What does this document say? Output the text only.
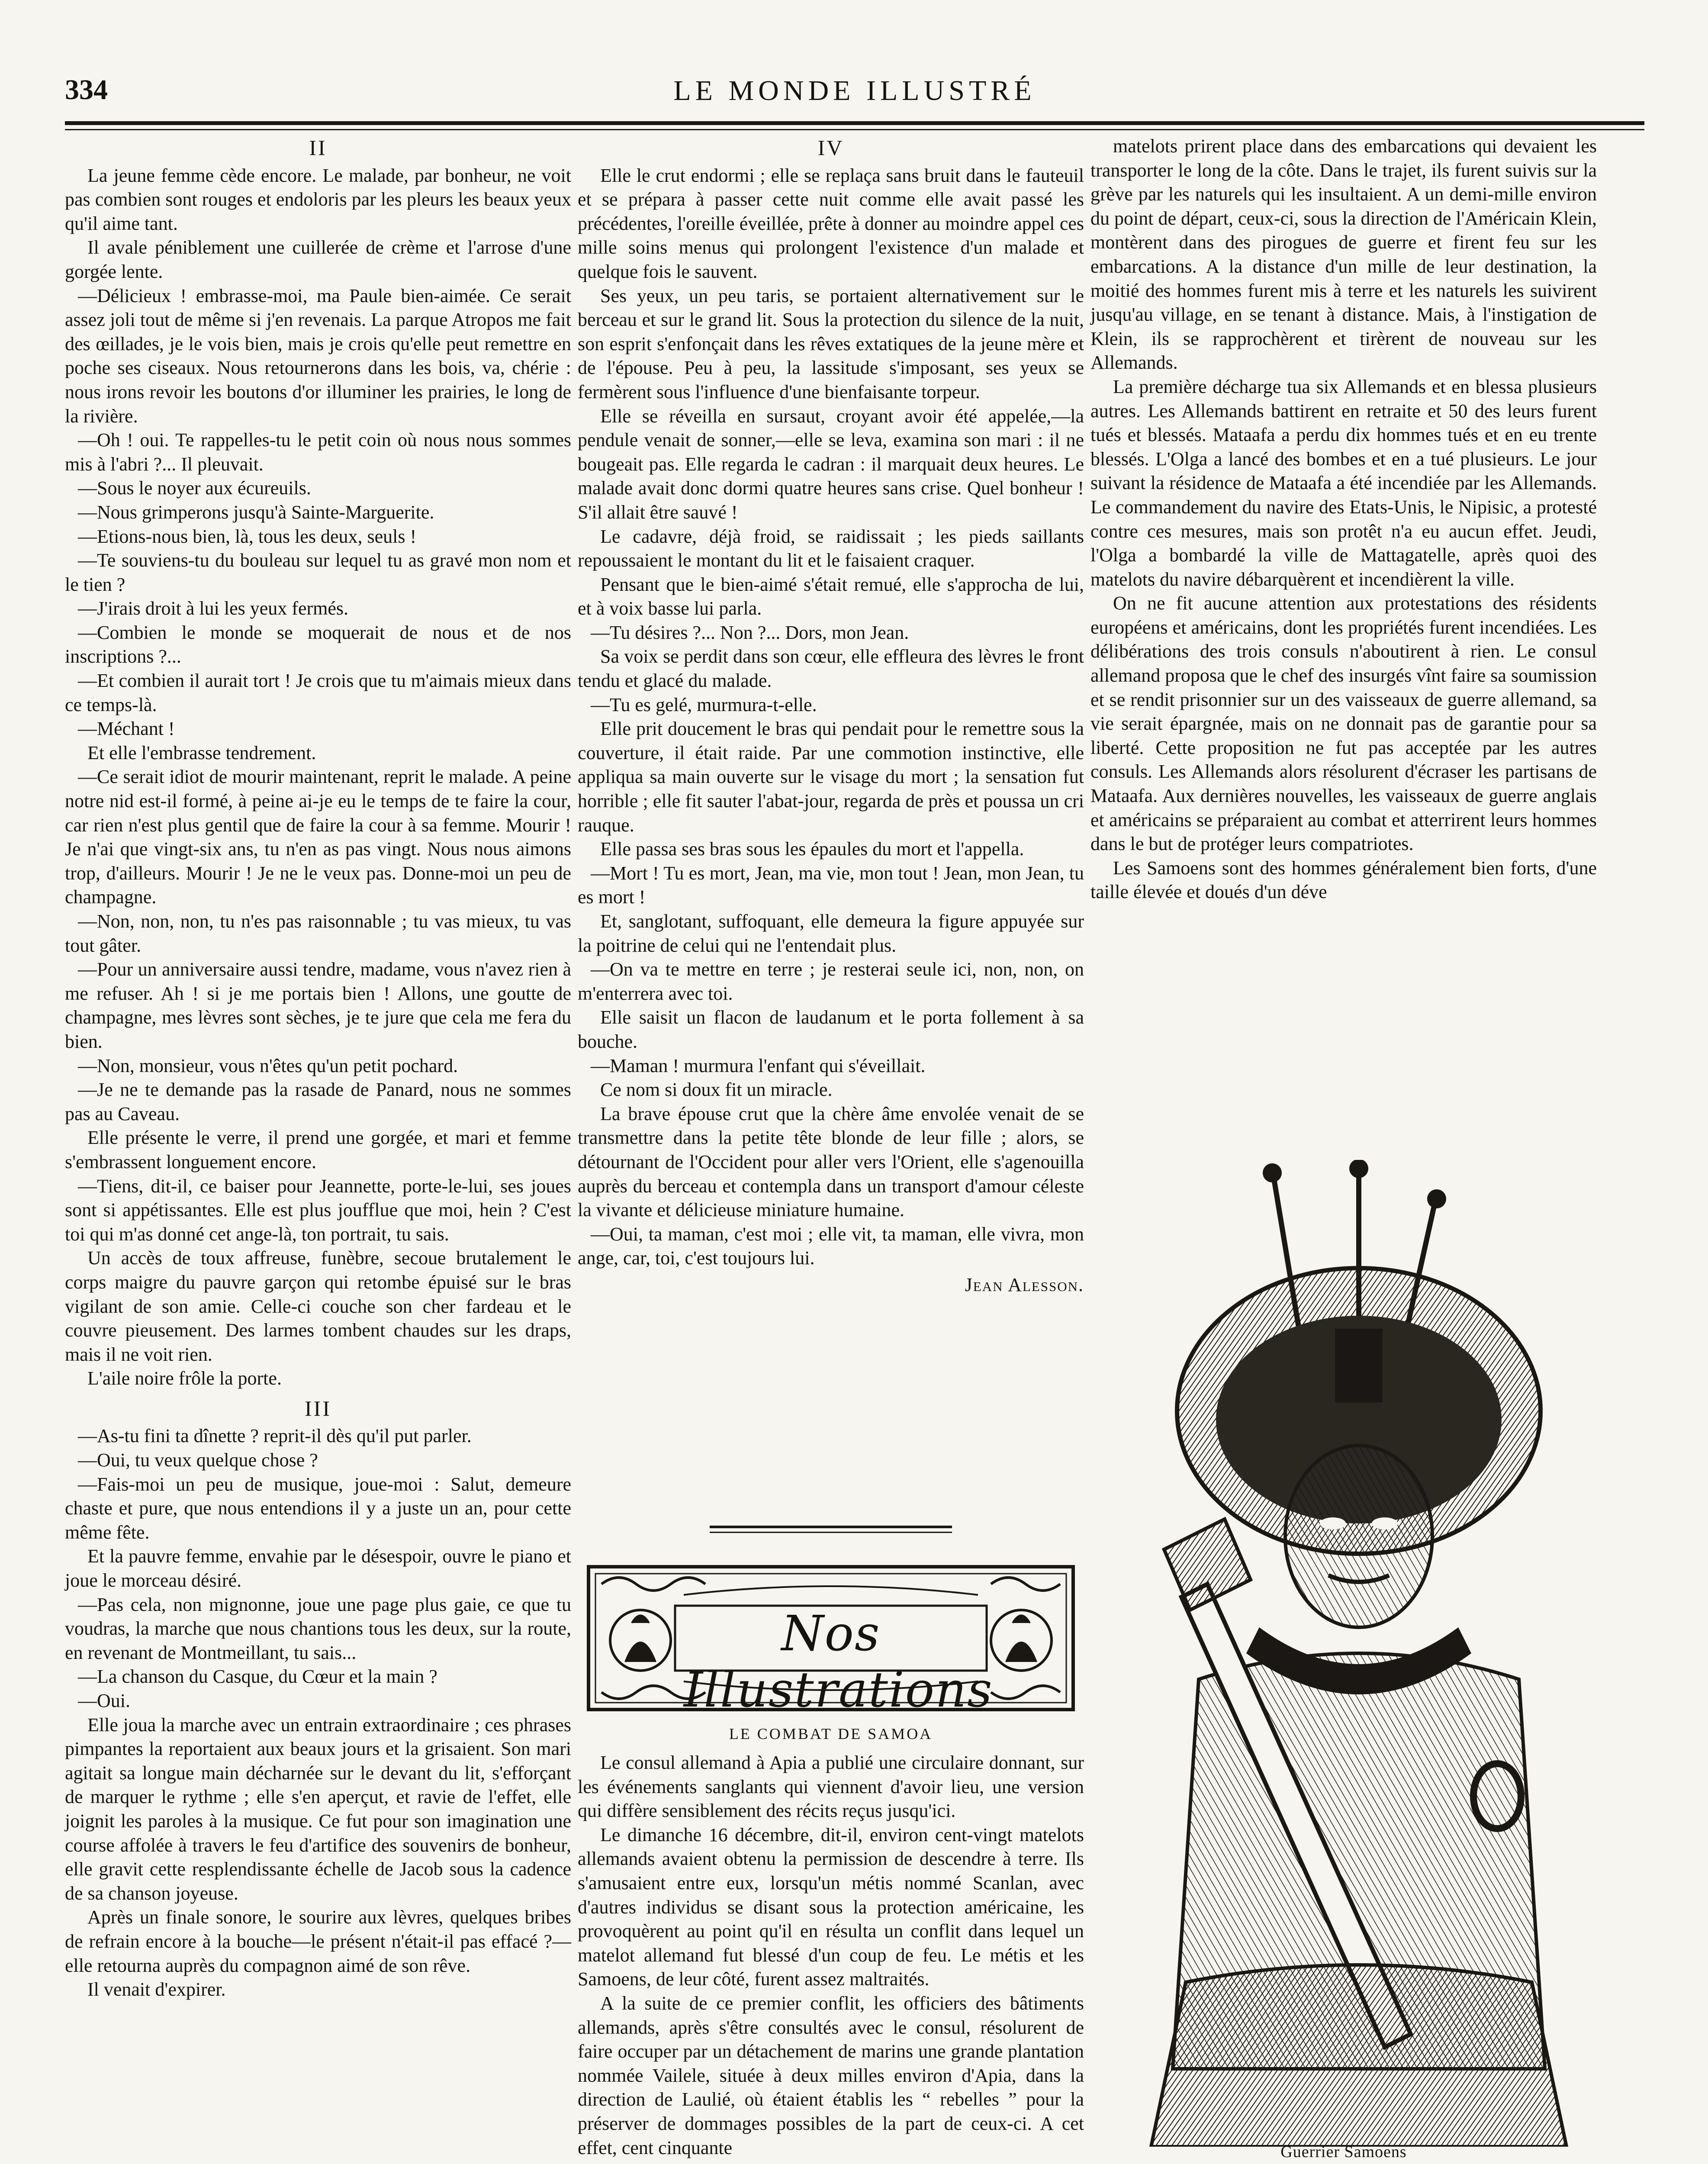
334	LE MONDE ILLUSTRÉ
II

La jeune femme cède encore. Le malade, par bonheur, ne voit pas combien sont rouges et endoloris par les pleurs les beaux yeux qu'il aime tant.

Il avale péniblement une cuillerée de crème et l'arrose d'une gorgée lente.

—Délicieux ! embrasse-moi, ma Paule bien-aimée. Ce serait assez joli tout de même si j'en revenais. La parque Atropos me fait des œillades, je le vois bien, mais je crois qu'elle peut remettre en poche ses ciseaux. Nous retournerons dans les bois, va, chérie : nous irons revoir les boutons d'or illuminer les prairies, le long de la rivière.

—Oh ! oui. Te rappelles-tu le petit coin où nous nous sommes mis à l'abri ?... Il pleuvait.

—Sous le noyer aux écureuils.

—Nous grimperons jusqu'à Sainte-Marguerite.

—Etions-nous bien, là, tous les deux, seuls !

—Te souviens-tu du bouleau sur lequel tu as gravé mon nom et le tien ?

—J'irais droit à lui les yeux fermés.

—Combien le monde se moquerait de nous et de nos inscriptions ?...

—Et combien il aurait tort ! Je crois que tu m'aimais mieux dans ce temps-là.

—Méchant !

Et elle l'embrasse tendrement.

—Ce serait idiot de mourir maintenant, reprit le malade. A peine notre nid est-il formé, à peine ai-je eu le temps de te faire la cour, car rien n'est plus gentil que de faire la cour à sa femme. Mourir ! Je n'ai que vingt-six ans, tu n'en as pas vingt. Nous nous aimons trop, d'ailleurs. Mourir ! Je ne le veux pas. Donne-moi un peu de champagne.

—Non, non, non, tu n'es pas raisonnable ; tu vas mieux, tu vas tout gâter.

—Pour un anniversaire aussi tendre, madame, vous n'avez rien à me refuser. Ah ! si je me portais bien ! Allons, une goutte de champagne, mes lèvres sont sèches, je te jure que cela me fera du bien.

—Non, monsieur, vous n'êtes qu'un petit pochard.

—Je ne te demande pas la rasade de Panard, nous ne sommes pas au Caveau.

Elle présente le verre, il prend une gorgée, et mari et femme s'embrassent longuement encore.

—Tiens, dit-il, ce baiser pour Jeannette, porte-le-lui, ses joues sont si appétissantes. Elle est plus joufflue que moi, hein ? C'est toi qui m'as donné cet ange-là, ton portrait, tu sais.

Un accès de toux affreuse, funèbre, secoue brutalement le corps maigre du pauvre garçon qui retombe épuisé sur le bras vigilant de son amie. Celle-ci couche son cher fardeau et le couvre pieusement. Des larmes tombent chaudes sur les draps, mais il ne voit rien.

L'aile noire frôle la porte.

III

—As-tu fini ta dînette ? reprit-il dès qu'il put parler.

—Oui, tu veux quelque chose ?

—Fais-moi un peu de musique, joue-moi : Salut, demeure chaste et pure, que nous entendions il y a juste un an, pour cette même fête.

Et la pauvre femme, envahie par le désespoir, ouvre le piano et joue le morceau désiré.

—Pas cela, non mignonne, joue une page plus gaie, ce que tu voudras, la marche que nous chantions tous les deux, sur la route, en revenant de Montmeillant, tu sais...

—La chanson du Casque, du Cœur et la main ?

—Oui.

Elle joua la marche avec un entrain extraordinaire ; ces phrases pimpantes la reportaient aux beaux jours et la grisaient. Son mari agitait sa longue main décharnée sur le devant du lit, s'efforçant de marquer le rythme ; elle s'en aperçut, et ravie de l'effet, elle joignit les paroles à la musique. Ce fut pour son imagination une course affolée à travers le feu d'artifice des souvenirs de bonheur, elle gravit cette resplendissante échelle de Jacob sous la cadence de sa chanson joyeuse.

Après un finale sonore, le sourire aux lèvres, quelques bribes de refrain encore à la bouche—le présent n'était-il pas effacé ?—elle retourna auprès du compagnon aimé de son rêve.

Il venait d'expirer.

IV

Elle le crut endormi ; elle se replaça sans bruit dans le fauteuil et se prépara à passer cette nuit comme elle avait passé les précédentes, l'oreille éveillée, prête à donner au moindre appel ces mille soins menus qui prolongent l'existence d'un malade et quelque fois le sauvent.

Ses yeux, un peu taris, se portaient alternativement sur le berceau et sur le grand lit. Sous la protection du silence de la nuit, son esprit s'enfonçait dans les rêves extatiques de la jeune mère et de l'épouse. Peu à peu, la lassitude s'imposant, ses yeux se fermèrent sous l'influence d'une bienfaisante torpeur.

Elle se réveilla en sursaut, croyant avoir été appelée,—la pendule venait de sonner,—elle se leva, examina son mari : il ne bougeait pas. Elle regarda le cadran : il marquait deux heures. Le malade avait donc dormi quatre heures sans crise. Quel bonheur ! S'il allait être sauvé !

Le cadavre, déjà froid, se raidissait ; les pieds saillants repoussaient le montant du lit et le faisaient craquer.

Pensant que le bien-aimé s'était remué, elle s'approcha de lui, et à voix basse lui parla.

—Tu désires ?... Non ?... Dors, mon Jean.

Sa voix se perdit dans son cœur, elle effleura des lèvres le front tendu et glacé du malade.

—Tu es gelé, murmura-t-elle.

Elle prit doucement le bras qui pendait pour le remettre sous la couverture, il était raide. Par une commotion instinctive, elle appliqua sa main ouverte sur le visage du mort ; la sensation fut horrible ; elle fit sauter l'abat-jour, regarda de près et poussa un cri rauque.

Elle passa ses bras sous les épaules du mort et l'appella.

—Mort ! Tu es mort, Jean, ma vie, mon tout ! Jean, mon Jean, tu es mort !

Et, sanglotant, suffoquant, elle demeura la figure appuyée sur la poitrine de celui qui ne l'entendait plus.

—On va te mettre en terre ; je resterai seule ici, non, non, on m'enterrera avec toi.

Elle saisit un flacon de laudanum et le porta follement à sa bouche.

—Maman ! murmura l'enfant qui s'éveillait.

Ce nom si doux fit un miracle.

La brave épouse crut que la chère âme envolée venait de se transmettre dans la petite tête blonde de leur fille ; alors, se détournant de l'Occident pour aller vers l'Orient, elle s'agenouilla auprès du berceau et contempla dans un transport d'amour céleste la vivante et délicieuse miniature humaine.

—Oui, ta maman, c'est moi ; elle vit, ta maman, elle vivra, mon ange, car, toi, c'est toujours lui.

Jean Alesson.
Nos Illustrations
LE COMBAT DE SAMOA

Le consul allemand à Apia a publié une circulaire donnant, sur les événements sanglants qui viennent d'avoir lieu, une version qui diffère sensiblement des récits reçus jusqu'ici.

Le dimanche 16 décembre, dit-il, environ cent-vingt matelots allemands avaient obtenu la permission de descendre à terre. Ils s'amusaient entre eux, lorsqu'un métis nommé Scanlan, avec d'autres individus se disant sous la protection américaine, les provoquèrent au point qu'il en résulta un conflit dans lequel un matelot allemand fut blessé d'un coup de feu. Le métis et les Samoens, de leur côté, furent assez maltraités.

A la suite de ce premier conflit, les officiers des bâtiments allemands, après s'être consultés avec le consul, résolurent de faire occuper par un détachement de marins une grande plantation nommée Vailele, située à deux milles environ d'Apia, dans la direction de Laulié, où étaient établis les “ rebelles ” pour la préserver de dommages possibles de la part de ceux-ci. A cet effet, cent cinquante

matelots prirent place dans des embarcations qui devaient les transporter le long de la côte. Dans le trajet, ils furent suivis sur la grève par les naturels qui les insultaient. A un demi-mille environ du point de départ, ceux-ci, sous la direction de l'Américain Klein, montèrent dans des pirogues de guerre et firent feu sur les embarcations. A la distance d'un mille de leur destination, la moitié des hommes furent mis à terre et les naturels les suivirent jusqu'au village, en se tenant à distance. Mais, à l'instigation de Klein, ils se rapprochèrent et tirèrent de nouveau sur les Allemands.

La première décharge tua six Allemands et en blessa plusieurs autres. Les Allemands battirent en retraite et 50 des leurs furent tués et blessés. Mataafa a perdu dix hommes tués et en eu trente blessés. L'Olga a lancé des bombes et en a tué plusieurs. Le jour suivant la résidence de Mataafa a été incendiée par les Allemands. Le commandement du navire des Etats-Unis, le Nipisic, a protesté contre ces mesures, mais son protêt n'a eu aucun effet. Jeudi, l'Olga a bombardé la ville de Mattagatelle, après quoi des matelots du navire débarquèrent et incendièrent la ville.

On ne fit aucune attention aux protestations des résidents européens et américains, dont les propriétés furent incendiées. Les délibérations des trois consuls n'aboutirent à rien. Le consul allemand proposa que le chef des insurgés vînt faire sa soumission et se rendit prisonnier sur un des vaisseaux de guerre allemand, sa vie serait épargnée, mais on ne donnait pas de garantie pour sa liberté. Cette proposition ne fut pas acceptée par les autres consuls. Les Allemands alors résolurent d'écraser les partisans de Mataafa. Aux dernières nouvelles, les vaisseaux de guerre anglais et américains se préparaient au combat et atterrirent leurs hommes dans le but de protéger leurs compatriotes.

Les Samoens sont des hommes généralement bien forts, d'une taille élevée et doués d'un déve

Guerrier Samoens
